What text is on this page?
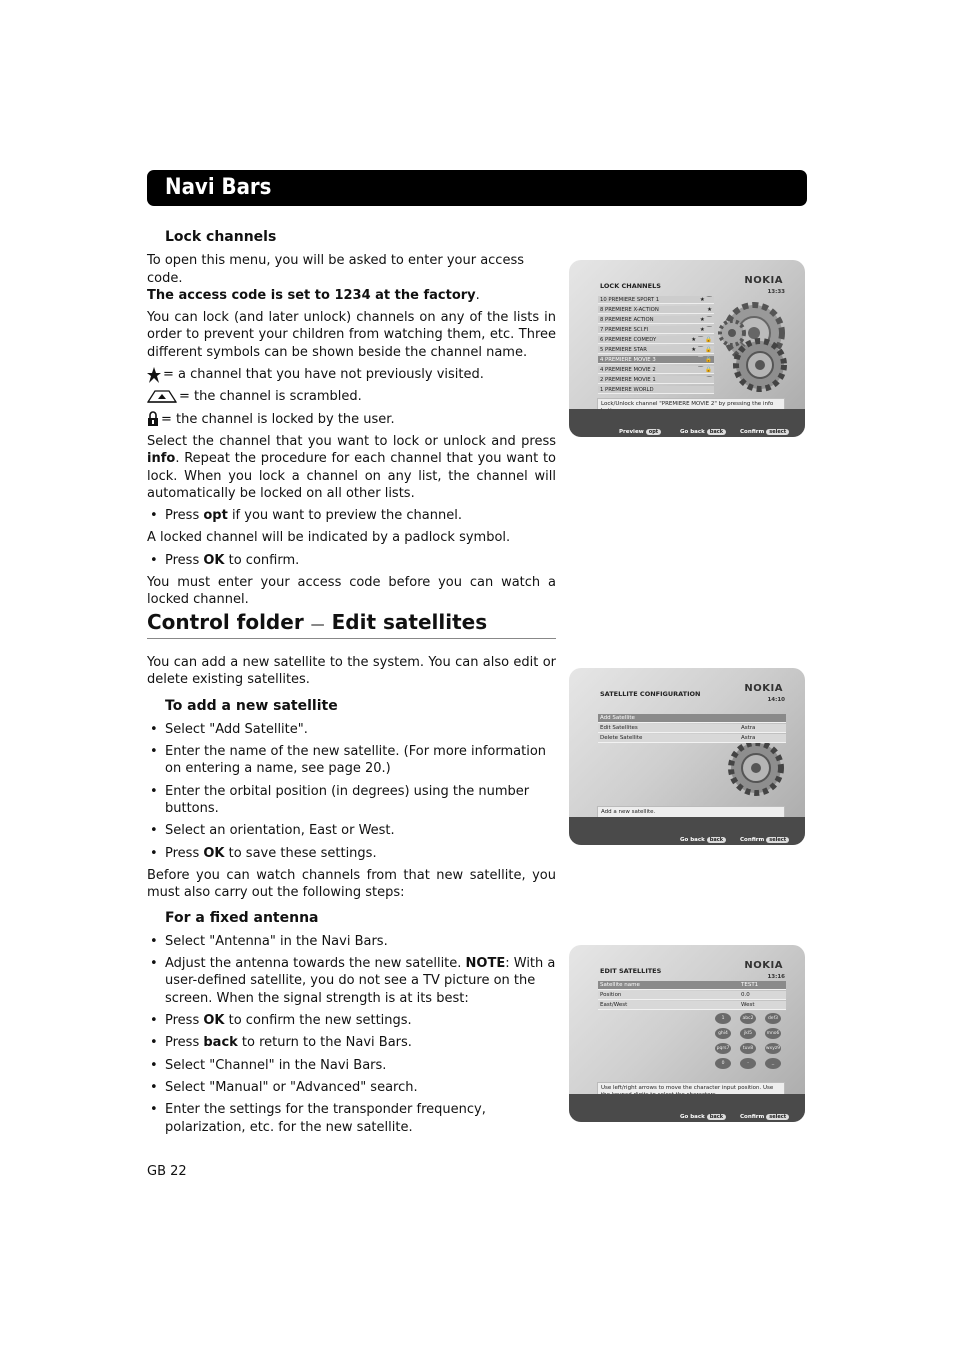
Navi Bars
Lock channels

To open this menu, you will be asked to enter your access code.
The access code is set to 1234 at the factory.

You can lock (and later unlock) channels on any of the lists in order to prevent your children from watching them, etc. Three different symbols can be shown beside the channel name.

= a channel that you have not previously visited.

= the channel is scrambled.

= the channel is locked by the user.

Select the channel that you want to lock or unlock and press info. Repeat the procedure for each channel that you want to lock. When you lock a channel on any list, the channel will automatically be locked on all other lists.

• Press opt if you want to preview the channel.

A locked channel will be indicated by a padlock symbol.

• Press OK to confirm.

You must enter your access code before you can watch a locked channel.

Control folder — Edit satellites

You can add a new satellite to the system. You can also edit or delete existing satellites.

To add a new satellite
• Select "Add Satellite".
• Enter the name of the new satellite. (For more information on entering a name, see page 20.)
• Enter the orbital position (in degrees) using the number buttons.
• Select an orientation, East or West.
• Press OK to save these settings.

Before you can watch channels from that new satellite, you must also carry out the following steps:

For a fixed antenna
• Select "Antenna" in the Navi Bars.
• Adjust the antenna towards the new satellite. NOTE: With a user-defined satellite, you do not see a TV picture on the screen. When the signal strength is at its best:
• Press OK to confirm the new settings.
• Press back to return to the Navi Bars.
• Select "Channel" in the Navi Bars.
• Select "Manual" or "Advanced" search.
• Enter the settings for the transponder frequency, polarization, etc. for the new satellite.
GB 22
LOCK CHANNELS	NOKIA
13:33
10 PREMIERE SPORT 1	★ ⌒
8 PREMIERE X-ACTION	★
8 PREMIERE ACTION	★ ⌒
7 PREMIERE SCI.FI	★ ⌒
6 PREMIERE COMEDY	★ ⌒ 🔒
5 PREMIERE STAR	★ ⌒ 🔒
4 PREMIERE MOVIE 3	⌒ 🔒
4 PREMIERE MOVIE 2	⌒ 🔒
2 PREMIERE MOVIE 1	⌒
1 PREMIERE WORLD
Lock/Unlock channel "PREMIERE MOVIE 2" by pressing the info
Preview opt	Go back back	Confirm select
SATELLITE CONFIGURATION	NOKIA
14:10
Add Satellite
Edit Satellites	Astra
Delete Satellite	Astra
Add a new satellite.
Go back back	Confirm select
EDIT SATELLITES	NOKIA
13:16
Satellite name	TEST1
Position	0.0
East/West	West
1	abc2	def3
ghi4	jkl5	mno6
pqrs7	tuv8	wxyz9
0	-	_
Use left/right arrows to move the character input position. Use
Go back back	Confirm select
